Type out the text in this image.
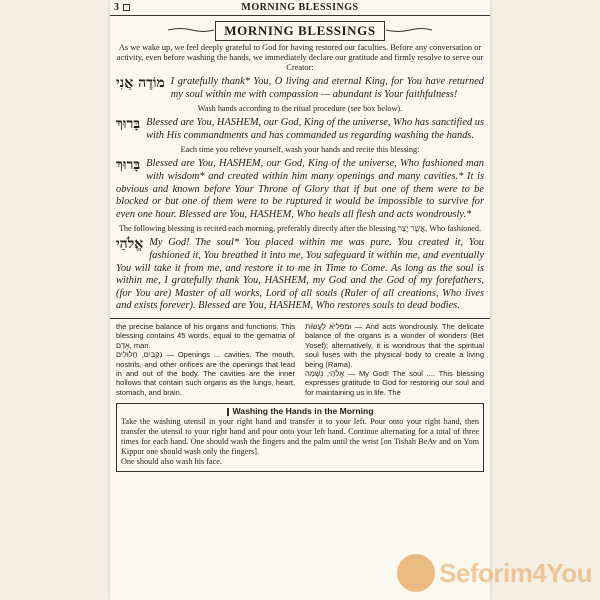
3	MORNING BLESSINGS
MORNING BLESSINGS
As we wake up, we feel deeply grateful to God for having restored our faculties. Before any conversation or activity, even before washing the hands, we immediately declare our gratitude and firmly resolve to serve our Creator:
מוֹדֶה אֲנִי I gratefully thank* You, O living and eternal King, for You have returned my soul within me with compassion — abundant is Your faithfulness!
Wash hands according to the ritual procedure (see box below).
בָּרוּךְ Blessed are You, HASHEM, our God, King of the universe, Who has sanctified us with His commandments and has commanded us regarding washing the hands.
Each time you relieve yourself, wash your hands and recite this blessing:
בָּרוּךְ Blessed are You, HASHEM, our God, King of the universe, Who fashioned man with wisdom* and created within him many openings and many cavities.* It is obvious and known before Your Throne of Glory that if but one of them were to be blocked or but one of them were to be ruptured it would be impossible to survive for even one hour. Blessed are You, HASHEM, Who heals all flesh and acts wondrously.*
The following blessing is recited each morning, preferably directly after the blessing אֲשֶׁר יָצַר, Who fashioned.
אֱלֹהַי My God! The soul* You placed within me was pure. You created it, You fashioned it, You breathed it into me, You safeguard it within me, and eventually You will take it from me, and restore it to me in Time to Come. As long as the soul is within me, I gratefully thank You, HASHEM, my God and the God of my forefathers, (for You are) Master of all works, Lord of all souls (Ruler of all creations, Who lives and exists forever). Blessed are You, HASHEM, Who restores souls to dead bodies.

the precise balance of his organs and functions. This blessing contains 45 words, equal to the gematria of אָדָם, man.

נְקָבִים, חֲלוּלִים — Openings ... cavities. The mouth, nostrils, and other orifices are the openings that lead in and out of the body. The cavities are the inner hollows that contain such organs as the lungs, heart, stomach, and brain.

וּמַפְלִיא לַעֲשׂוֹת — And acts wondrously. The delicate balance of the organs is a wonder of wonders (Bet Yosef); alternatively, it is wondrous that the spiritual soul fuses with the physical body to create a living being (Rama).

אֱלֹהַי, נְשָׁמָה — My God! The soul .... This blessing expresses gratitude to God for restoring our soul and for maintaining us in life. The

Washing the Hands in the Morning

Take the washing utensil in your right hand and transfer it to your left. Pour onto your right hand, then transfer the utensil to your right hand and pour onto your left hand. Continue alternating for a total of three times for each hand. One should wash the fingers and the palm until the wrist [on Tishah BeAv and on Yom Kippur one should wash only the fingers].

One should also wash his face.

Seforim4You
